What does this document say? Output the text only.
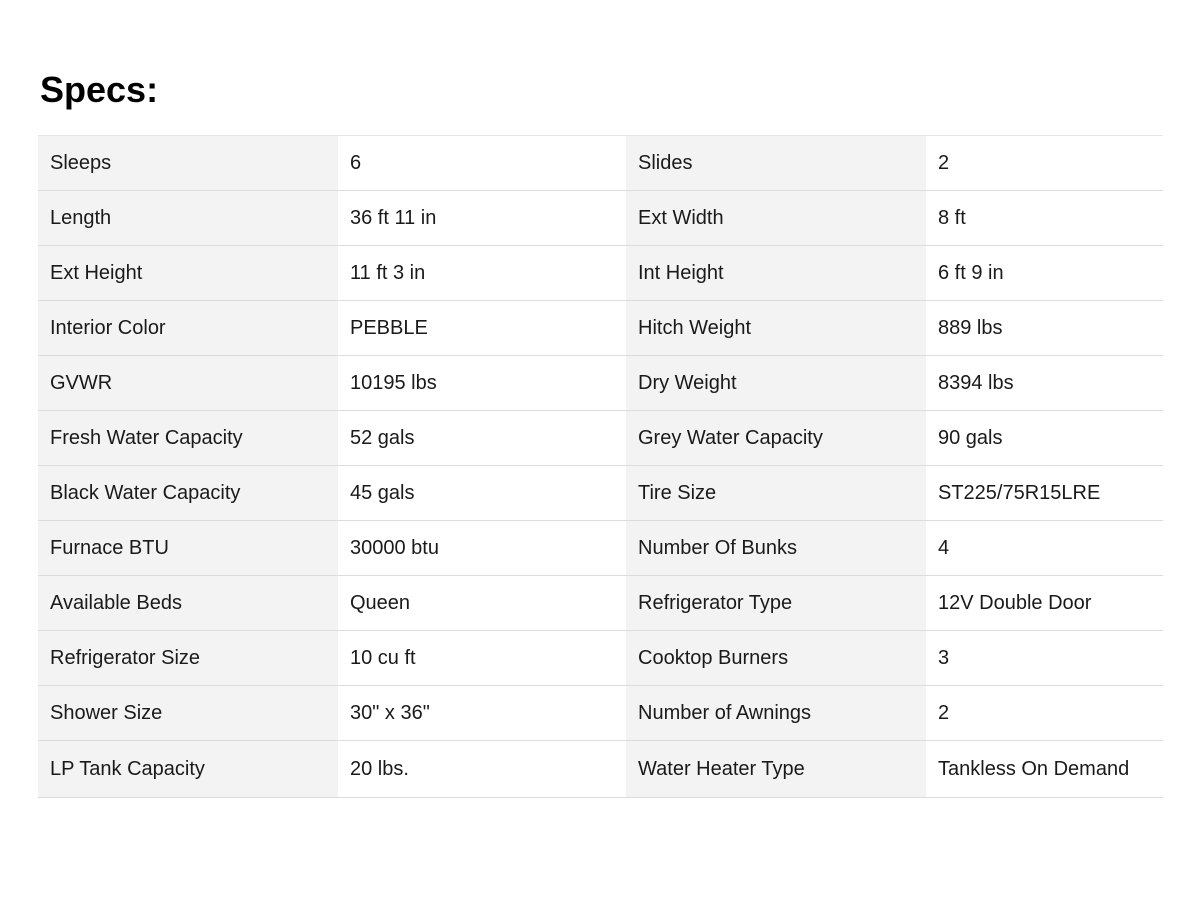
Specs:
Sleeps	6	Slides	2
Length	36 ft 11 in	Ext Width	8 ft
Ext Height	11 ft 3 in	Int Height	6 ft 9 in
Interior Color	PEBBLE	Hitch Weight	889 lbs
GVWR	10195 lbs	Dry Weight	8394 lbs
Fresh Water Capacity	52 gals	Grey Water Capacity	90 gals
Black Water Capacity	45 gals	Tire Size	ST225/75R15LRE
Furnace BTU	30000 btu	Number Of Bunks	4
Available Beds	Queen	Refrigerator Type	12V Double Door
Refrigerator Size	10 cu ft	Cooktop Burners	3
Shower Size	30" x 36"	Number of Awnings	2
LP Tank Capacity	20 lbs.	Water Heater Type	Tankless On Demand
